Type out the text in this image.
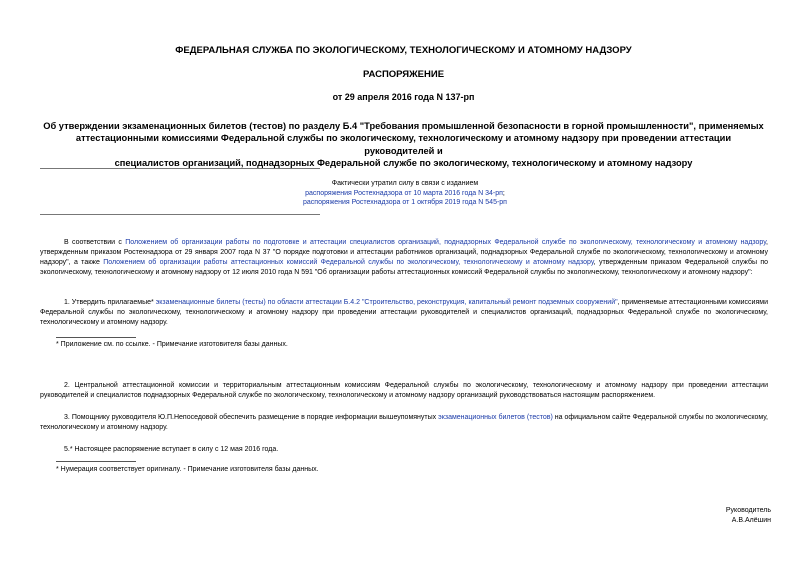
ФЕДЕРАЛЬНАЯ СЛУЖБА ПО ЭКОЛОГИЧЕСКОМУ, ТЕХНОЛОГИЧЕСКОМУ И АТОМНОМУ НАДЗОРУ
РАСПОРЯЖЕНИЕ
от 29 апреля 2016 года N 137-рп
Об утверждении экзаменационных билетов (тестов) по разделу Б.4 "Требования промышленной безопасности в горной промышленности", применяемых
аттестационными комиссиями Федеральной службы по экологическому, технологическому и атомному надзору при проведении аттестации руководителей и
специалистов организаций, поднадзорных Федеральной службе по экологическому, технологическому и атомному надзору
Фактически утратил силу в связи с изданием
распоряжения Ростехнадзора от 10 марта 2016 года N 34-рп;
распоряжения Ростехнадзора от 1 октября 2019 года N 545-рп
В соответствии с Положением об организации работы по подготовке и аттестации специалистов организаций, поднадзорных Федеральной службе по экологическому, технологическому и атомному надзору, утвержденным приказом Ростехнадзора от 29 января 2007 года N 37 "О порядке подготовки и аттестации работников организаций, поднадзорных Федеральной службе по экологическому, технологическому и атомному надзору", а также Положением об организации работы аттестационных комиссий Федеральной службы по экологическому, технологическому и атомному надзору, утвержденным приказом Федеральной службы по экологическому, технологическому и атомному надзору от 12 июля 2010 года N 591 "Об организации работы аттестационных комиссий Федеральной службы по экологическому, технологическому и атомному надзору":
1. Утвердить прилагаемые* экзаменационные билеты (тесты) по области аттестации Б.4.2 "Строительство, реконструкция, капитальный ремонт подземных сооружений", применяемые аттестационными комиссиями Федеральной службы по экологическому, технологическому и атомному надзору при проведении аттестации руководителей и специалистов организаций, поднадзорных Федеральной службе по экологическому, технологическому и атомному надзору.
* Приложение см. по ссылке. - Примечание изготовителя базы данных.
2. Центральной аттестационной комиссии и территориальным аттестационным комиссиям Федеральной службы по экологическому, технологическому и атомному надзору при проведении аттестации руководителей и специалистов поднадзорных Федеральной службе по экологическому, технологическому и атомному надзору организаций руководствоваться настоящим распоряжением.
3. Помощнику руководителя Ю.П.Непоседовой обеспечить размещение в порядке информации вышеупомянутых экзаменационных билетов (тестов) на официальном сайте Федеральной службы по экологическому, технологическому и атомному надзору.
5.* Настоящее распоряжение вступает в силу с 12 мая 2016 года.
* Нумерация соответствует оригиналу. - Примечание изготовителя базы данных.
Руководитель
А.В.Алёшин
